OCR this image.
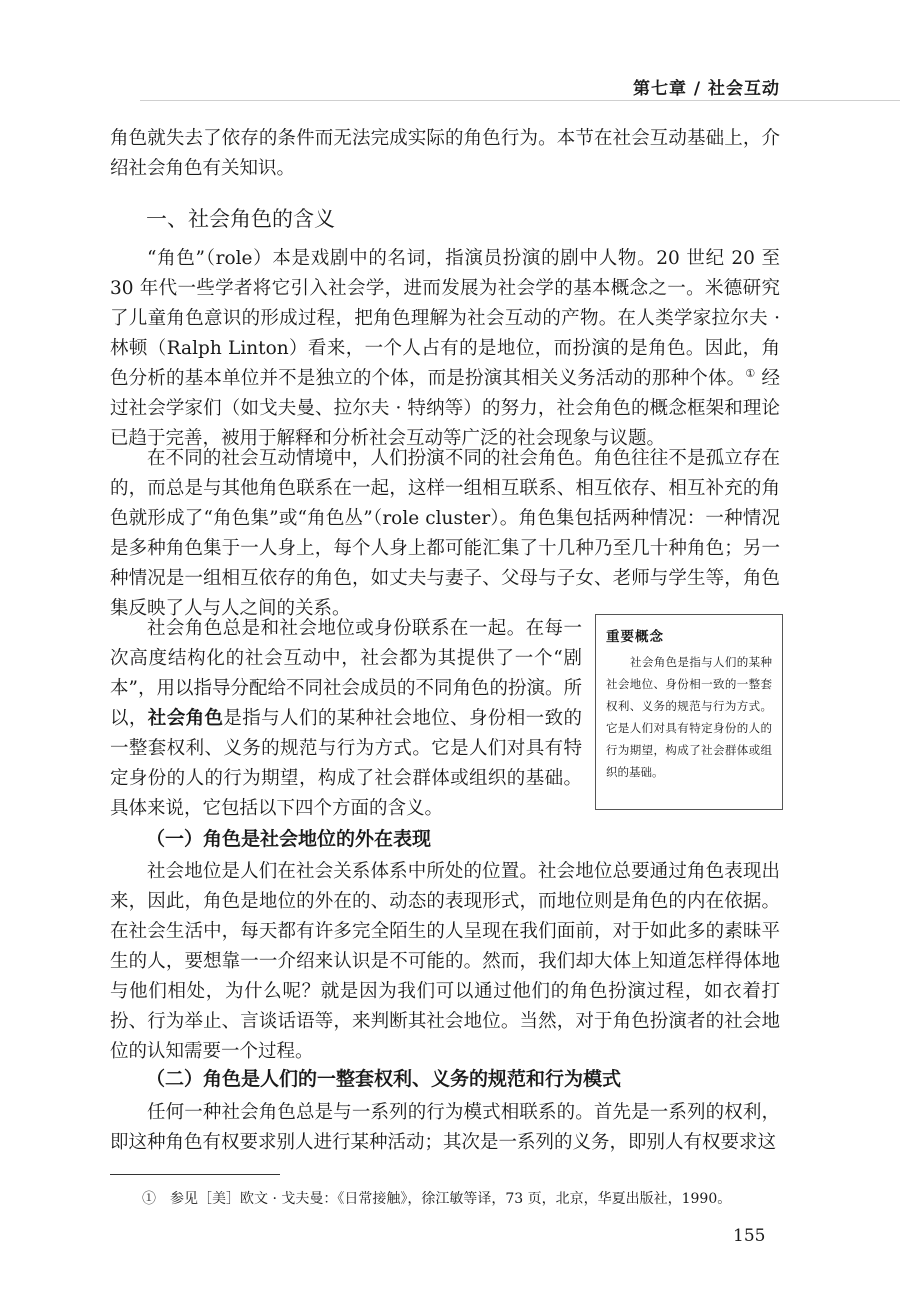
第七章 / 社会互动

角色就失去了依存的条件而无法完成实际的角色行为。本节在社会互动基础上，介绍社会角色有关知识。

一、社会角色的含义

“角色”（role）本是戏剧中的名词，指演员扮演的剧中人物。20 世纪 20 至 30 年代一些学者将它引入社会学，进而发展为社会学的基本概念之一。米德研究了儿童角色意识的形成过程，把角色理解为社会互动的产物。在人类学家拉尔夫 · 林顿（Ralph Linton）看来，一个人占有的是地位，而扮演的是角色。因此，角色分析的基本单位并不是独立的个体，而是扮演其相关义务活动的那种个体。① 经过社会学家们（如戈夫曼、拉尔夫 · 特纳等）的努力，社会角色的概念框架和理论已趋于完善，被用于解释和分析社会互动等广泛的社会现象与议题。

在不同的社会互动情境中，人们扮演不同的社会角色。角色往往不是孤立存在的，而总是与其他角色联系在一起，这样一组相互联系、相互依存、相互补充的角色就形成了“角色集”或“角色丛”（role cluster）。角色集包括两种情况：一种情况是多种角色集于一人身上，每个人身上都可能汇集了十几种乃至几十种角色；另一种情况是一组相互依存的角色，如丈夫与妻子、父母与子女、老师与学生等，角色集反映了人与人之间的关系。

社会角色总是和社会地位或身份联系在一起。在每一次高度结构化的社会互动中，社会都为其提供了一个“剧本”，用以指导分配给不同社会成员的不同角色的扮演。所以，社会角色是指与人们的某种社会地位、身份相一致的一整套权利、义务的规范与行为方式。它是人们对具有特定身份的人的行为期望，构成了社会群体或组织的基础。具体来说，它包括以下四个方面的含义。

重要概念

社会角色是指与人们的某种社会地位、身份相一致的一整套权利、义务的规范与行为方式。它是人们对具有特定身份的人的行为期望，构成了社会群体或组织的基础。

（一）角色是社会地位的外在表现

社会地位是人们在社会关系体系中所处的位置。社会地位总要通过角色表现出来，因此，角色是地位的外在的、动态的表现形式，而地位则是角色的内在依据。在社会生活中，每天都有许多完全陌生的人呈现在我们面前，对于如此多的素昧平生的人，要想靠一一介绍来认识是不可能的。然而，我们却大体上知道怎样得体地与他们相处，为什么呢？就是因为我们可以通过他们的角色扮演过程，如衣着打扮、行为举止、言谈话语等，来判断其社会地位。当然，对于角色扮演者的社会地位的认知需要一个过程。

（二）角色是人们的一整套权利、义务的规范和行为模式

任何一种社会角色总是与一系列的行为模式相联系的。首先是一系列的权利，即这种角色有权要求别人进行某种活动；其次是一系列的义务，即别人有权要求这

①　参见［美］欧文 · 戈夫曼：《日常接触》，徐江敏等译，73 页，北京，华夏出版社，1990。
155
